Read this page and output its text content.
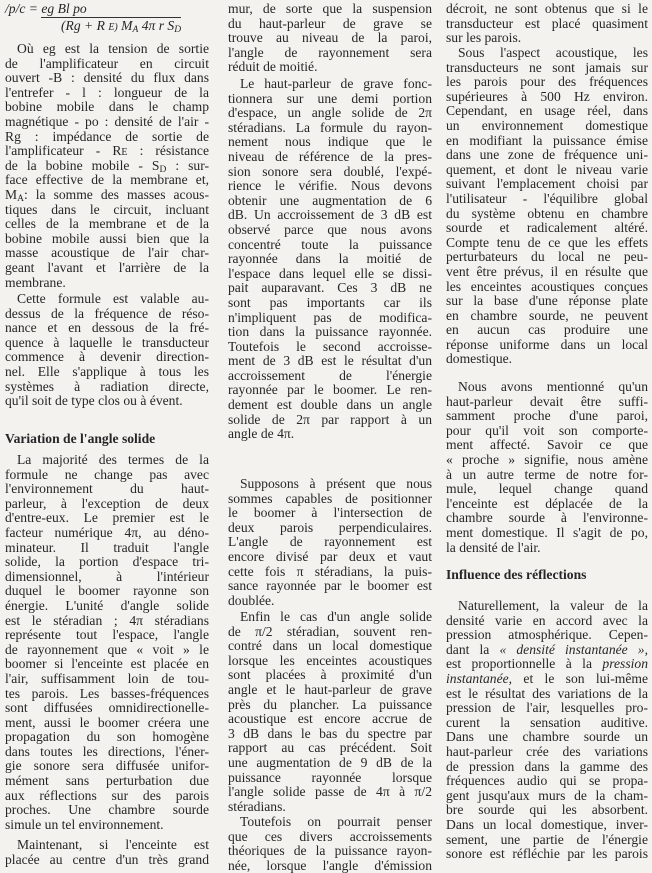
/p/c = eg Bl po
(Rg + R E) $M_A$ 4π r $S_D$
Où eg est la tension de sortie
de l'amplificateur en circuit
ouvert -B : densité du flux dans
l'entrefer - l : longueur de la
bobine mobile dans le champ
magnétique - po : densité de l'air -
Rg : impédance de sortie de
l'amplificateur - RE : résistance
de la bobine mobile - $S_D$ : sur-
face effective de la membrane et,
$M_A$: la somme des masses acous-
tiques dans le circuit, incluant
celles de la membrane et de la
bobine mobile aussi bien que la
masse acoustique de l'air char-
geant l'avant et l'arrière de la
membrane.
Cette formule est valable au-
dessus de la fréquence de réso-
nance et en dessous de la fré-
quence à laquelle le transducteur
commence à devenir direction-
nel. Elle s'applique à tous les
systèmes à radiation directe,
qu'il soit de type clos ou à évent.
Variation de l'angle solide
La majorité des termes de la
formule ne change pas avec
l'environnement du haut-
parleur, à l'exception de deux
d'entre-eux. Le premier est le
facteur numérique 4π, au déno-
minateur. Il traduit l'angle
solide, la portion d'espace tri-
dimensionnel, à l'intérieur
duquel le boomer rayonne son
énergie. L'unité d'angle solide
est le stéradian ; 4π stéradians
représente tout l'espace, l'angle
de rayonnement que « voit » le
boomer si l'enceinte est placée en
l'air, suffisamment loin de tou-
tes parois. Les basses-fréquences
sont diffusées omnidirectionelle-
ment, aussi le boomer créera une
propagation du son homogène
dans toutes les directions, l'éner-
gie sonore sera diffusée unifor-
mément sans perturbation due
aux réflections sur des parois
proches. Une chambre sourde
simule un tel environnement.
Maintenant, si l'enceinte est
placée au centre d'un très grand
mur, de sorte que la suspension
du haut-parleur de grave se
trouve au niveau de la paroi,
l'angle de rayonnement sera
réduit de moitié.
Le haut-parleur de grave fonc-
tionnera sur une demi portion
d'espace, un angle solide de 2π
stéradians. La formule du rayon-
nement nous indique que le
niveau de référence de la pres-
sion sonore sera doublé, l'expé-
rience le vérifie. Nous devons
obtenir une augmentation de 6
dB. Un accroissement de 3 dB est
observé parce que nous avons
concentré toute la puissance
rayonnée dans la moitié de
l'espace dans lequel elle se dissi-
pait auparavant. Ces 3 dB ne
sont pas importants car ils
n'impliquent pas de modifica-
tion dans la puissance rayonnée.
Toutefois le second accroisse-
ment de 3 dB est le résultat d'un
accroissement de l'énergie
rayonnée par le boomer. Le ren-
dement est double dans un angle
solide de 2π par rapport à un
angle de 4π.
Supposons à présent que nous
sommes capables de positionner
le boomer à l'intersection de
deux parois perpendiculaires.
L'angle de rayonnement est
encore divisé par deux et vaut
cette fois π stéradians, la puis-
sance rayonnée par le boomer est
doublée.
Enfin le cas d'un angle solide
de π/2 stéradian, souvent ren-
contré dans un local domestique
lorsque les enceintes acoustiques
sont placées à proximité d'un
angle et le haut-parleur de grave
près du plancher. La puissance
acoustique est encore accrue de
3 dB dans le bas du spectre par
rapport au cas précédent. Soit
une augmentation de 9 dB de la
puissance rayonnée lorsque
l'angle solide passe de 4π à π/2
stéradians.
Toutefois on pourrait penser
que ces divers accroissements
théoriques de la puissance rayon-
née, lorsque l'angle d'émission
décroit, ne sont obtenus que si le
transducteur est placé quasiment
sur les parois.
Sous l'aspect acoustique, les
transducteurs ne sont jamais sur
les parois pour des fréquences
supérieures à 500 Hz environ.
Cependant, en usage réel, dans
un environnement domestique
en modifiant la puissance émise
dans une zone de fréquence uni-
quement, et dont le niveau varie
suivant l'emplacement choisi par
l'utilisateur - l'équilibre global
du système obtenu en chambre
sourde et radicalement altéré.
Compte tenu de ce que les effets
perturbateurs du local ne peu-
vent être prévus, il en résulte que
les enceintes acoustiques conçues
sur la base d'une réponse plate
en chambre sourde, ne peuvent
en aucun cas produire une
réponse uniforme dans un local
domestique.
Nous avons mentionné qu'un
haut-parleur devait être suffi-
samment proche d'une paroi,
pour qu'il voit son comporte-
ment affecté. Savoir ce que
« proche » signifie, nous amène
à un autre terme de notre for-
mule, lequel change quand
l'enceinte est déplacée de la
chambre sourde à l'environne-
ment domestique. Il s'agit de po,
la densité de l'air.
Influence des réflections
Naturellement, la valeur de la
densité varie en accord avec la
pression atmosphérique. Cepen-
dant la « densité instantanée »,
est proportionnelle à la pression
instantanée, et le son lui-même
est le résultat des variations de la
pression de l'air, lesquelles pro-
curent la sensation auditive.
Dans une chambre sourde un
haut-parleur crée des variations
de pression dans la gamme des
fréquences audio qui se propa-
gent jusqu'aux murs de la cham-
bre sourde qui les absorbent.
Dans un local domestique, inver-
sement, une partie de l'énergie
sonore est réfléchie par les parois
